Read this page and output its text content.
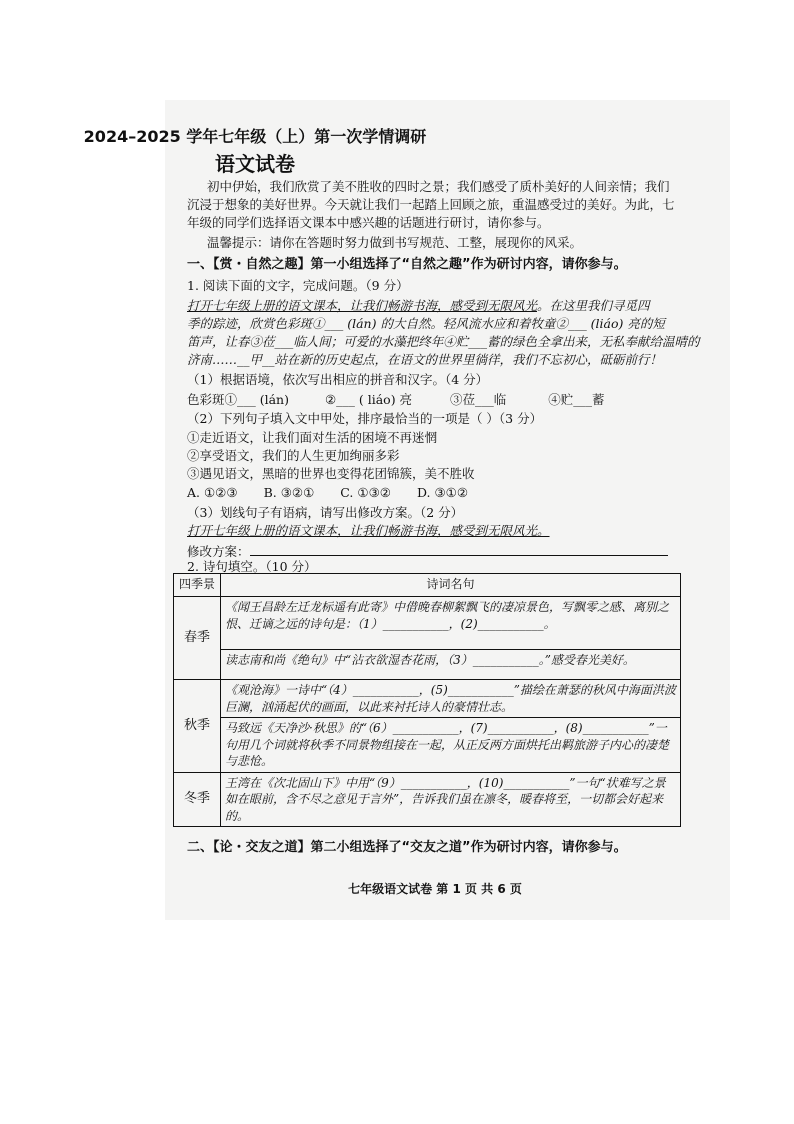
2024–2025 学年七年级（上）第一次学情调研
语文试卷
初中伊始，我们欣赏了美不胜收的四时之景；我们感受了质朴美好的人间亲情；我们
沉浸于想象的美好世界。今天就让我们一起踏上回顾之旅，重温感受过的美好。为此，七
年级的同学们选择语文课本中感兴趣的话题进行研讨，请你参与。
温馨提示：请你在答题时努力做到书写规范、工整，展现你的风采。
一、【赏・自然之趣】第一小组选择了“自然之趣”作为研讨内容，请你参与。
1. 阅读下面的文字，完成问题。（9 分）
打开七年级上册的语文课本，让我们畅游书海，感受到无限风光。在这里我们寻觅四
季的踪迹，欣赏色彩斑①___ (lán) 的大自然。轻风流水应和着牧童②___ (liáo) 亮的短
笛声，让春③莅___临人间；可爱的水藻把终年④贮___蓄的绿色全拿出来，无私奉献给温晴的
济南……__甲__站在新的历史起点，在语文的世界里徜徉，我们不忘初心，砥砺前行！
（1）根据语境，依次写出相应的拼音和汉字。（4 分）
色彩斑①___ (lán)	②___ ( liáo) 亮	③莅___临	④贮___蓄
（2）下列句子填入文中甲处，排序最恰当的一项是（ ）（3 分）
①走近语文，让我们面对生活的困境不再迷惘
②享受语文，我们的人生更加绚丽多彩
③遇见语文，黑暗的世界也变得花团锦簇，美不胜收
A. ①②③ B. ③②① C. ①③② D. ③①②
（3）划线句子有语病，请写出修改方案。（2 分）
打开七年级上册的语文课本，让我们畅游书海，感受到无限风光。
修改方案：
2. 诗句填空。（10 分）
四季景	诗词名句
春季	《闻王昌龄左迁龙标遥有此寄》中借晚春柳絮飘飞的凄凉景色，写飘零之感、离别之恨、迁谪之远的诗句是：（1）___________，(2)___________。
	读志南和尚《绝句》中“沾衣欲湿杏花雨，（3）___________。”感受春光美好。
秋季	《观沧海》一诗中“（4）___________，(5)___________”描绘在萧瑟的秋风中海面洪波巨澜，汹涌起伏的画面，以此来衬托诗人的豪情壮志。
	马致远《天净沙·秋思》的“（6）___________，(7)___________，(8)___________”一句用几个词就将秋季不同景物组接在一起，从正反两方面烘托出羁旅游子内心的凄楚与悲怆。
冬季	王湾在《次北固山下》中用“（9）___________，(10)___________”一句“状难写之景如在眼前，含不尽之意见于言外”，告诉我们虽在凛冬，暖春将至，一切都会好起来的。
二、【论・交友之道】第二小组选择了“交友之道”作为研讨内容，请你参与。
七年级语文试卷 第 1 页 共 6 页
